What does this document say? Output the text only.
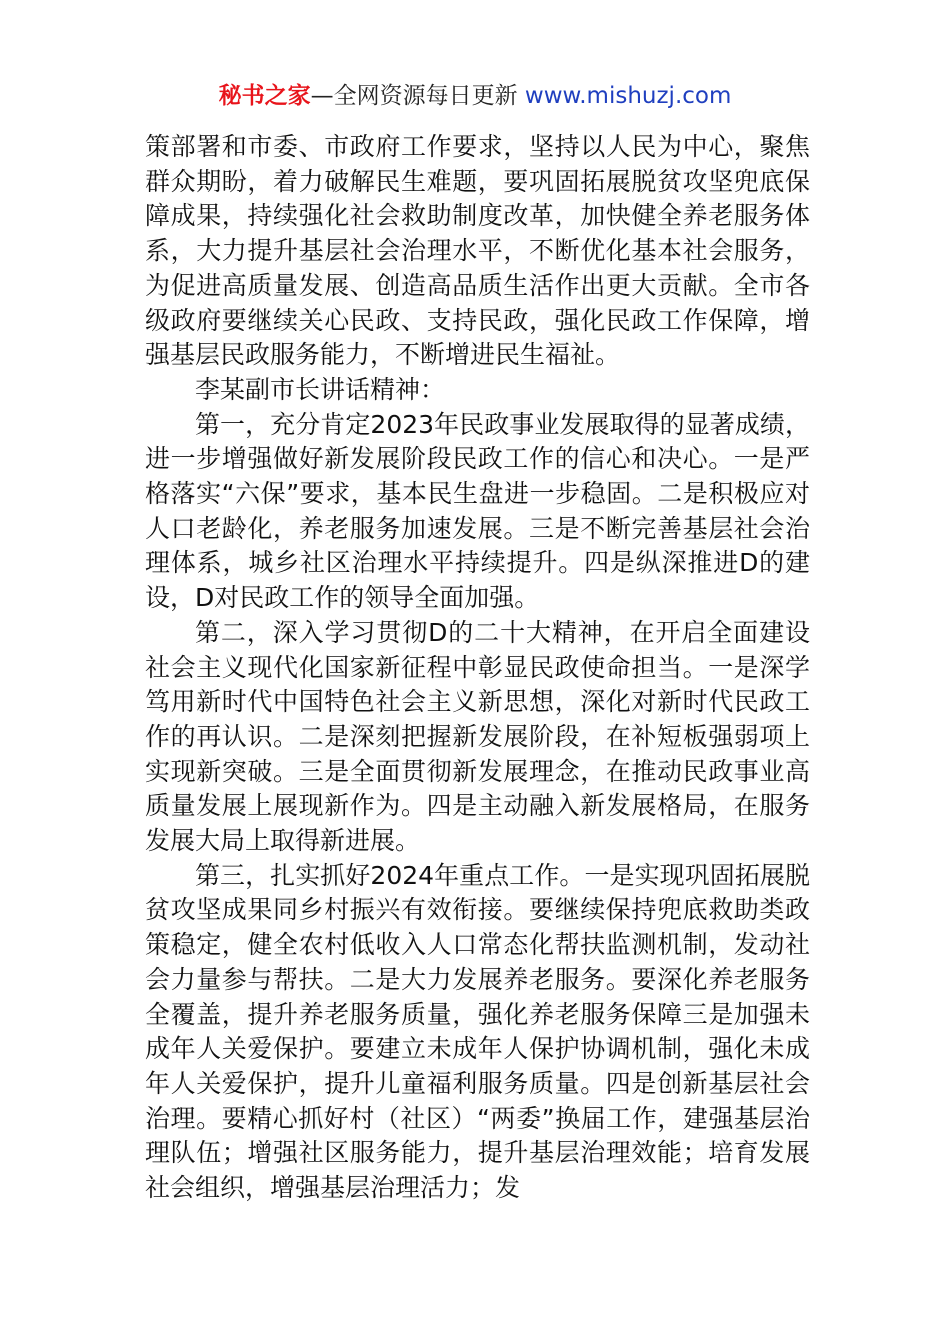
秘书之家—全网资源每日更新 www.mishuzj.com

策部署和市委、市政府工作要求，坚持以人民为中心，聚焦群众期盼，着力破解民生难题，要巩固拓展脱贫攻坚兜底保障成果，持续强化社会救助制度改革，加快健全养老服务体系，大力提升基层社会治理水平，不断优化基本社会服务，为促进高质量发展、创造高品质生活作出更大贡献。全市各级政府要继续关心民政、支持民政，强化民政工作保障，增强基层民政服务能力，不断增进民生福祉。

李某副市长讲话精神：

第一，充分肯定2023年民政事业发展取得的显著成绩，进一步增强做好新发展阶段民政工作的信心和决心。一是严格落实“六保”要求，基本民生盘进一步稳固。二是积极应对人口老龄化，养老服务加速发展。三是不断完善基层社会治理体系，城乡社区治理水平持续提升。四是纵深推进D的建设，D对民政工作的领导全面加强。

第二，深入学习贯彻D的二十大精神，在开启全面建设社会主义现代化国家新征程中彰显民政使命担当。一是深学笃用新时代中国特色社会主义新思想，深化对新时代民政工作的再认识。二是深刻把握新发展阶段，在补短板强弱项上实现新突破。三是全面贯彻新发展理念，在推动民政事业高质量发展上展现新作为。四是主动融入新发展格局，在服务发展大局上取得新进展。

第三，扎实抓好2024年重点工作。一是实现巩固拓展脱贫攻坚成果同乡村振兴有效衔接。要继续保持兜底救助类政策稳定，健全农村低收入人口常态化帮扶监测机制，发动社会力量参与帮扶。二是大力发展养老服务。要深化养老服务全覆盖，提升养老服务质量，强化养老服务保障三是加强未成年人关爱保护。要建立未成年人保护协调机制，强化未成年人关爱保护，提升儿童福利服务质量。四是创新基层社会治理。要精心抓好村（社区）“两委”换届工作，建强基层治理队伍；增强社区服务能力，提升基层治理效能；培育发展社会组织，增强基层治理活力；发
